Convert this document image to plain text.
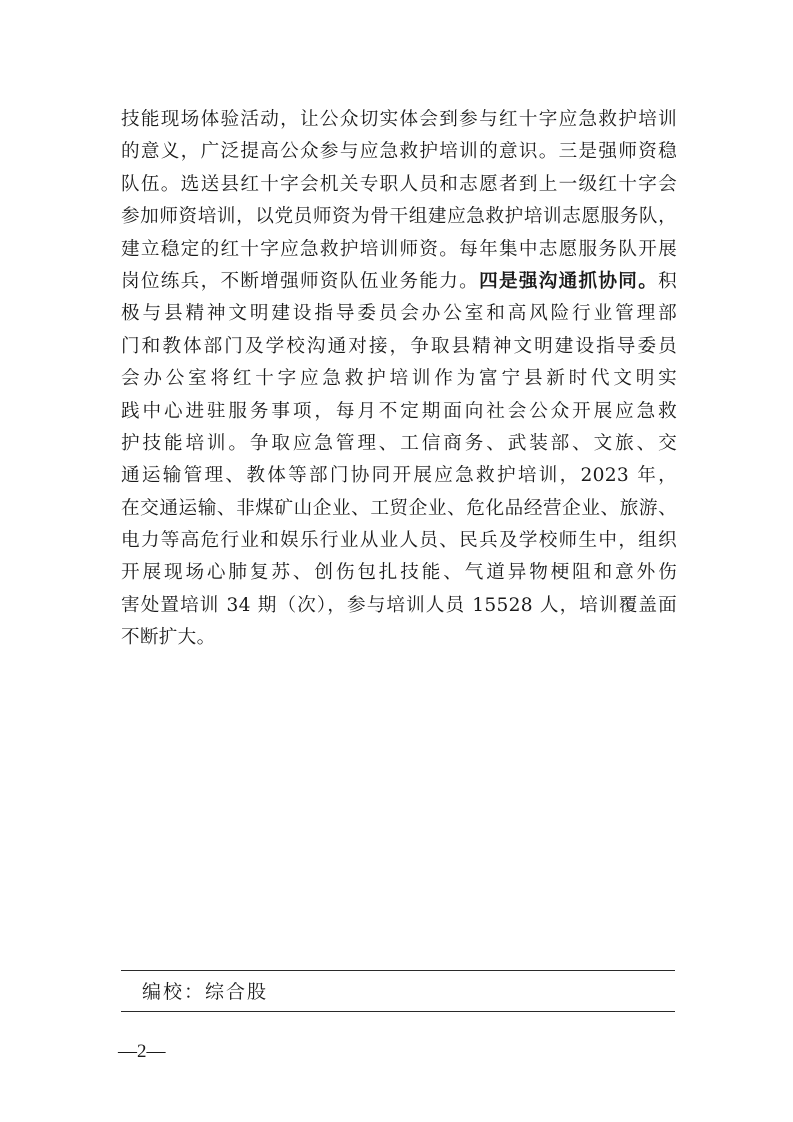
技能现场体验活动，让公众切实体会到参与红十字应急救护培训
的意义，广泛提高公众参与应急救护培训的意识。三是强师资稳
队伍。选送县红十字会机关专职人员和志愿者到上一级红十字会
参加师资培训，以党员师资为骨干组建应急救护培训志愿服务队，
建立稳定的红十字应急救护培训师资。每年集中志愿服务队开展
岗位练兵，不断增强师资队伍业务能力。四是强沟通抓协同。积
极与县精神文明建设指导委员会办公室和高风险行业管理部
门和教体部门及学校沟通对接，争取县精神文明建设指导委员
会办公室将红十字应急救护培训作为富宁县新时代文明实
践中心进驻服务事项，每月不定期面向社会公众开展应急救
护技能培训。争取应急管理、工信商务、武装部、文旅、交
通运输管理、教体等部门协同开展应急救护培训，2023 年，
在交通运输、非煤矿山企业、工贸企业、危化品经营企业、旅游、
电力等高危行业和娱乐行业从业人员、民兵及学校师生中，组织
开展现场心肺复苏、创伤包扎技能、气道异物梗阻和意外伤
害处置培训 34 期（次），参与培训人员 15528 人，培训覆盖面
不断扩大。
编校：综合股
—2—
